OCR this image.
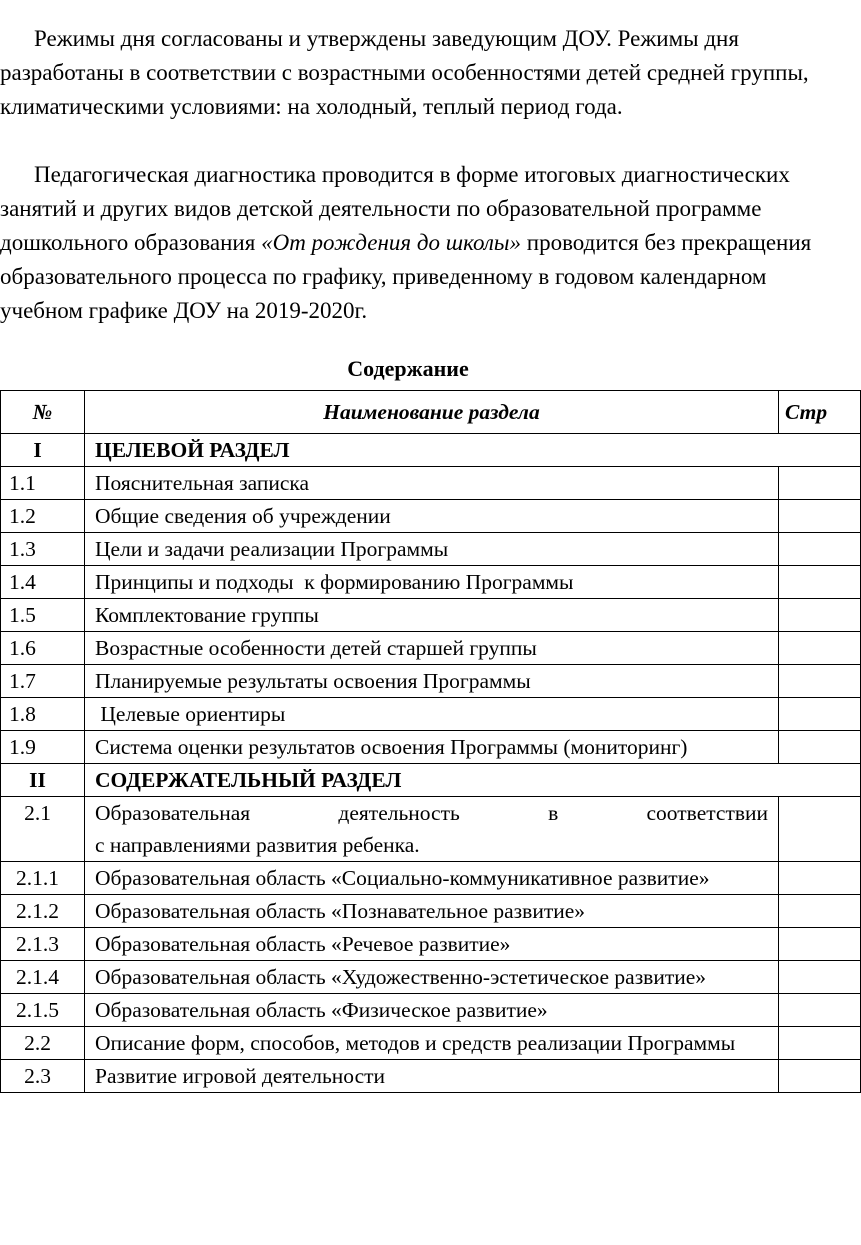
Режимы дня согласованы и утверждены заведующим ДОУ. Режимы дня разработаны в соответствии с возрастными особенностями детей средней группы, климатическими условиями: на холодный, теплый период года.

Педагогическая диагностика проводится в форме итоговых диагностических занятий и других видов детской деятельности по образовательной программе дошкольного образования «От рождения до школы» проводится без прекращения образовательного процесса по графику, приведенному в годовом календарном учебном графике ДОУ на 2019-2020г.

Содержание
№	Наименование раздела	Стр
I	ЦЕЛЕВОЙ РАЗДЕЛ	
1.1	Пояснительная записка	
1.2	Общие сведения об учреждении	
1.3	Цели и задачи реализации Программы	
1.4	Принципы и подходы  к формированию Программы	
1.5	Комплектование группы	
1.6	Возрастные особенности детей старшей группы	
1.7	Планируемые результаты освоения Программы	
1.8	Целевые ориентиры	
1.9	Система оценки результатов освоения Программы (мониторинг)	
II	СОДЕРЖАТЕЛЬНЫЙ РАЗДЕЛ	
2.1	Образовательная деятельность в соответствии
с направлениями развития ребенка.	

2.1.1	Образовательная область «Социально-коммуникативное развитие»	
2.1.2	Образовательная область «Познавательное развитие»	
2.1.3	Образовательная область «Речевое развитие»	
2.1.4	Образовательная область «Художественно-эстетическое развитие»	
2.1.5	Образовательная область «Физическое развитие»	
2.2	Описание форм, способов, методов и средств реализации Программы	
2.3	Развитие игровой деятельности	
